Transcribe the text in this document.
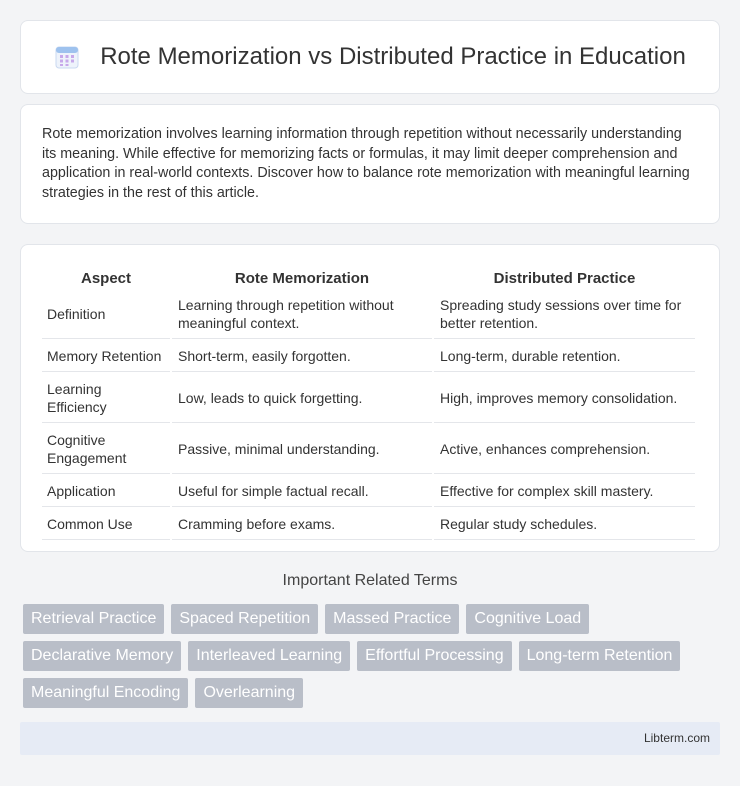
Rote Memorization vs Distributed Practice in Education

Rote memorization involves learning information through repetition without necessarily understanding its meaning. While effective for memorizing facts or formulas, it may limit deeper comprehension and application in real-world contexts. Discover how to balance rote memorization with meaningful learning strategies in the rest of this article.

Aspect	Rote Memorization	Distributed Practice
Definition	Learning through repetition without meaningful context.	Spreading study sessions over time for better retention.
Memory Retention	Short-term, easily forgotten.	Long-term, durable retention.
Learning Efficiency	Low, leads to quick forgetting.	High, improves memory consolidation.
Cognitive Engagement	Passive, minimal understanding.	Active, enhances comprehension.
Application	Useful for simple factual recall.	Effective for complex skill mastery.
Common Use	Cramming before exams.	Regular study schedules.
Important Related Terms
Retrieval Practice	Spaced Repetition	Massed Practice	Cognitive Load
Declarative Memory	Interleaved Learning	Effortful Processing	Long-term Retention
Meaningful Encoding	Overlearning
Libterm.com
